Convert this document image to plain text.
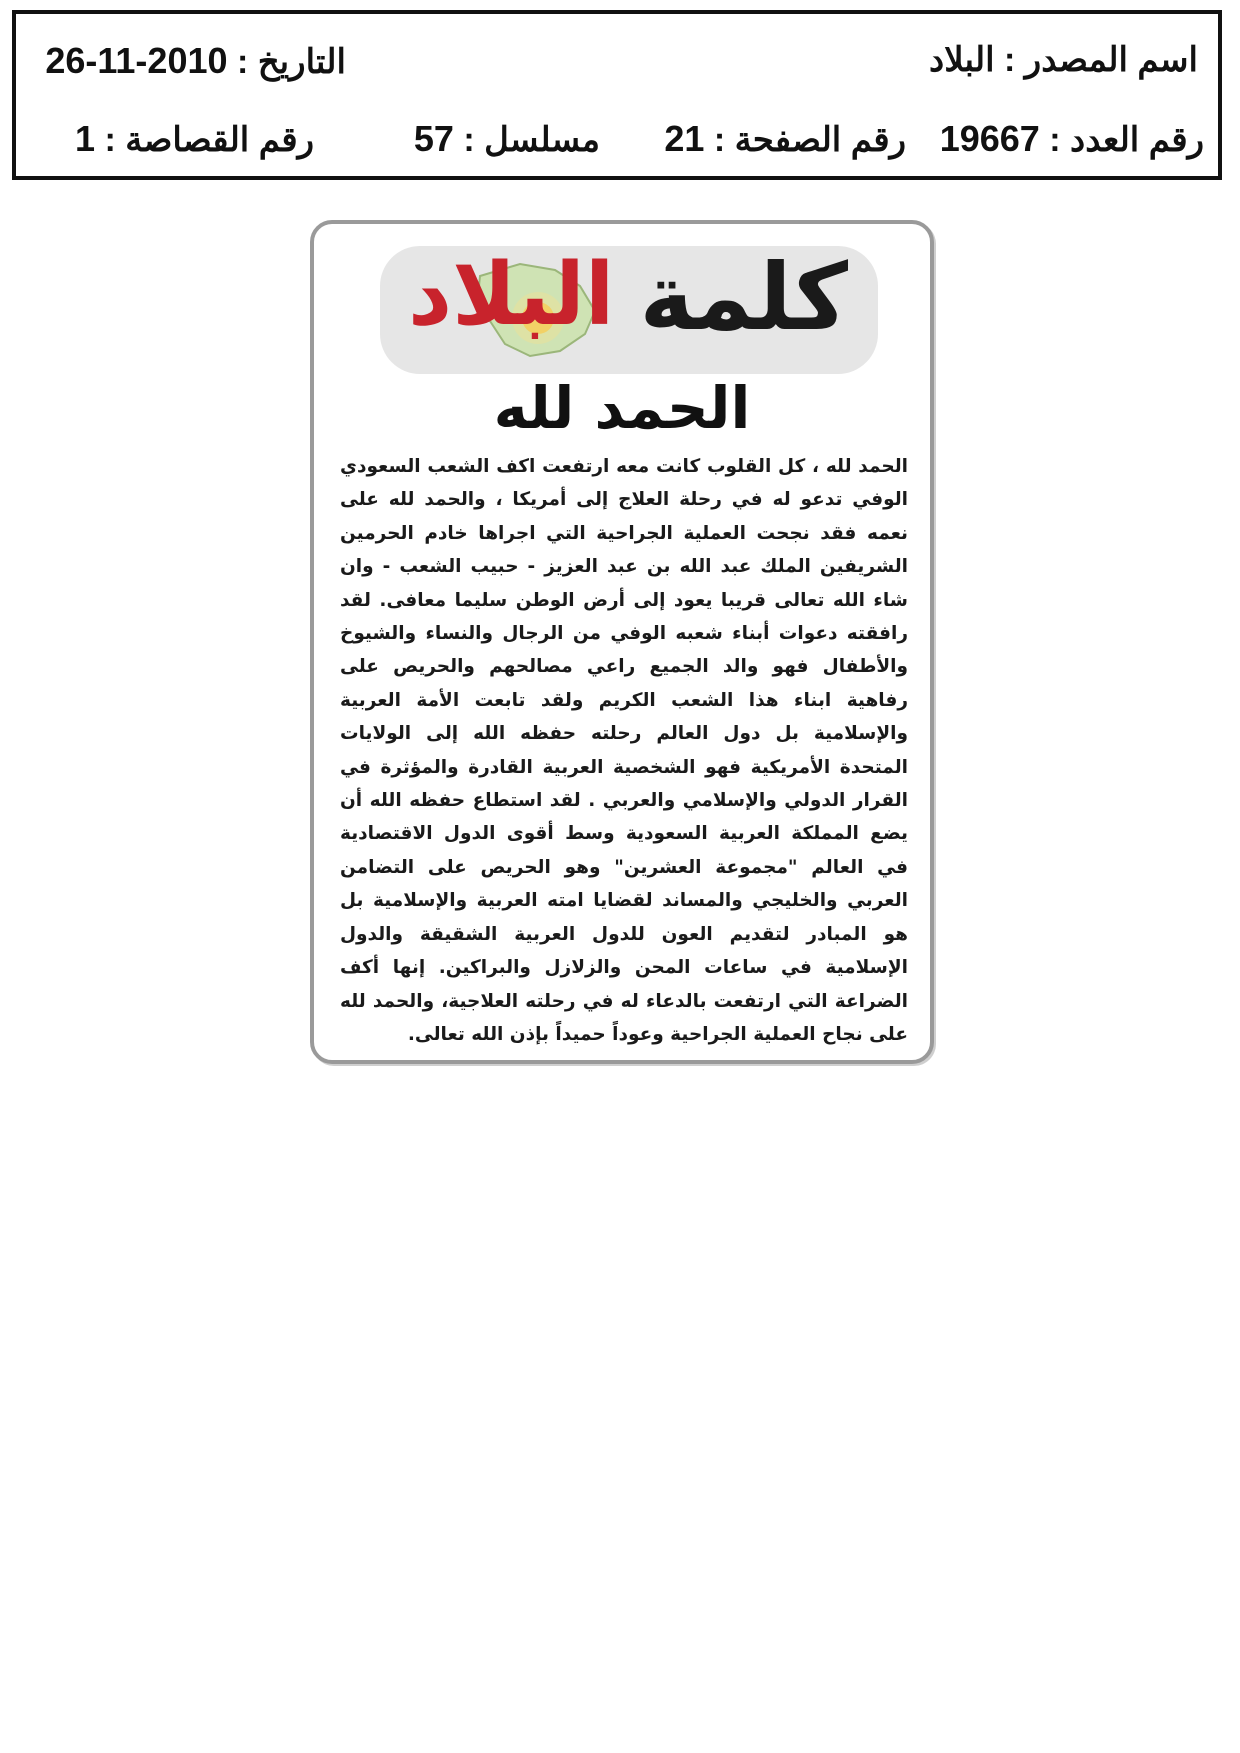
اسم المصدر : البلاد
التاريخ : 2010-11-26
رقم العدد : 19667
رقم الصفحة : 21
مسلسل : 57
رقم القصاصة : 1
البلاد كلمة
الحمد لله
الحمد لله ، كل القلوب كانت معه ارتفعت اكف الشعب السعودي الوفي تدعو له في رحلة العلاج إلى أمريكا ، والحمد لله على نعمه فقد نجحت العملية الجراحية التي اجراها خادم الحرمين الشريفين الملك عبد الله بن عبد العزيز - حبيب الشعب - وان شاء الله تعالى قريبا يعود إلى أرض الوطن سليما معافى. لقد رافقته دعوات أبناء شعبه الوفي من الرجال والنساء والشيوخ والأطفال فهو والد الجميع راعي مصالحهم والحريص على رفاهية ابناء هذا الشعب الكريم ولقد تابعت الأمة العربية والإسلامية بل دول العالم رحلته حفظه الله إلى الولايات المتحدة الأمريكية فهو الشخصية العربية القادرة والمؤثرة في القرار الدولي والإسلامي والعربي . لقد استطاع حفظه الله أن يضع المملكة العربية السعودية وسط أقوى الدول الاقتصادية في العالم "مجموعة العشرين" وهو الحريص على التضامن العربي والخليجي والمساند لقضايا امته العربية والإسلامية بل هو المبادر لتقديم العون للدول العربية الشقيقة والدول الإسلامية في ساعات المحن والزلازل والبراكين. إنها أكف الضراعة التي ارتفعت بالدعاء له في رحلته العلاجية، والحمد لله على نجاح العملية الجراحية وعوداً حميداً بإذن الله تعالى.
